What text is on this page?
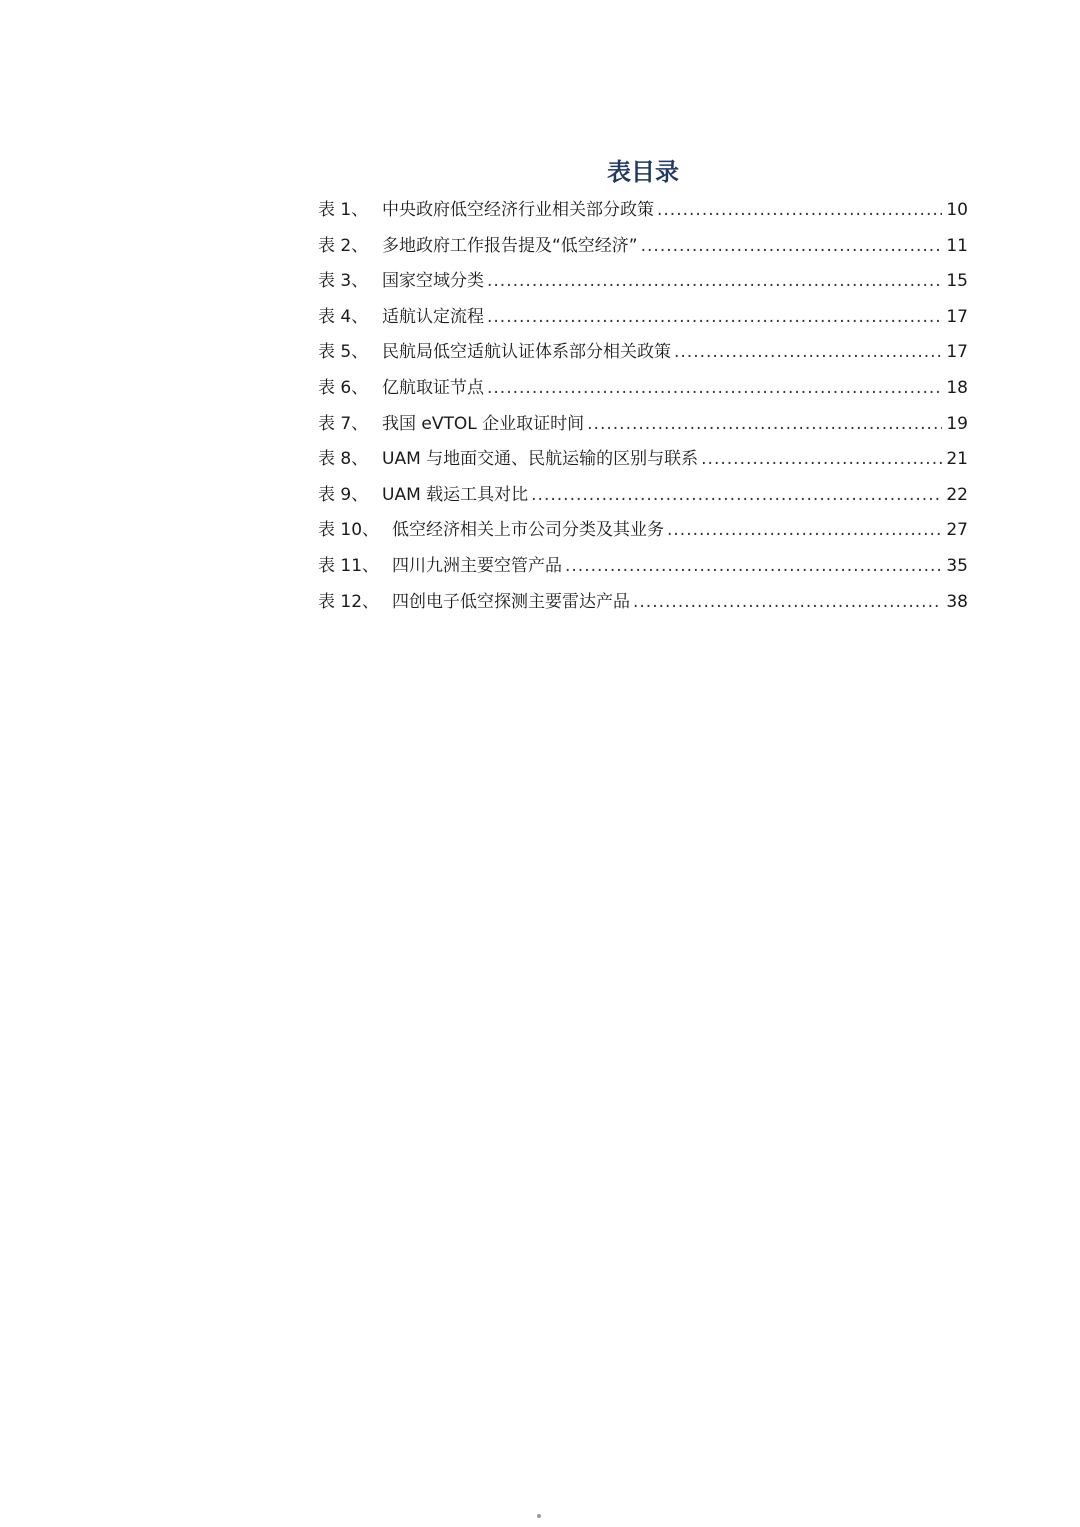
表目录
表 1、 中央政府低空经济行业相关部分政策 .....	10
表 2、 多地政府工作报告提及“低空经济” .....	11
表 3、 国家空域分类 .....	15
表 4、 适航认定流程 .....	17
表 5、 民航局低空适航认证体系部分相关政策 .....	17
表 6、 亿航取证节点 .....	18
表 7、 我国 eVTOL 企业取证时间 .....	19
表 8、 UAM 与地面交通、民航运输的区别与联系 .....	21
表 9、 UAM 载运工具对比 .....	22
表 10、 低空经济相关上市公司分类及其业务 .....	27
表 11、 四川九洲主要空管产品 .....	35
表 12、 四创电子低空探测主要雷达产品 .....	38
